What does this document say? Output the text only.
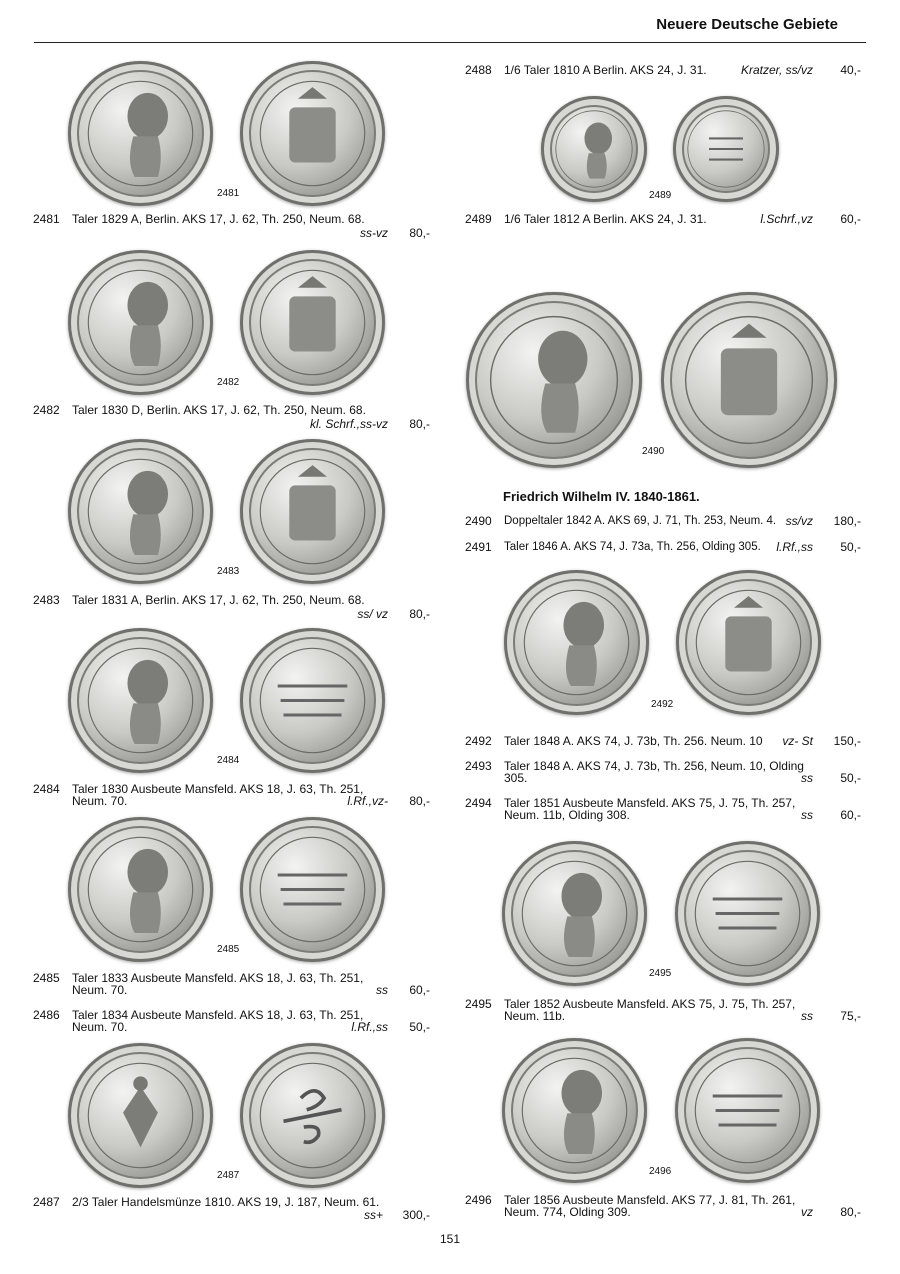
Neuere Deutsche Gebiete
2481
2482
2483
2484
2485
2487
2489
2490
2492
2495
2496
2481 Taler 1829 A, Berlin. AKS 17, J. 62, Th. 250, Neum. 68.
ss-vz	80,-
2482 Taler 1830 D, Berlin. AKS 17, J. 62, Th. 250, Neum. 68.
kl. Schrf.,ss-vz	80,-
2483 Taler 1831 A, Berlin. AKS 17, J. 62, Th. 250, Neum. 68.
ss/ vz	80,-
2484 Taler 1830 Ausbeute Mansfeld. AKS 18, J. 63, Th. 251,
Neum. 70.	l.Rf.,vz-	80,-
2485 Taler 1833 Ausbeute Mansfeld. AKS 18, J. 63, Th. 251,
Neum. 70.	ss	60,-
2486 Taler 1834 Ausbeute Mansfeld. AKS 18, J. 63, Th. 251,
Neum. 70.	l.Rf.,ss	50,-
2487 2/3 Taler Handelsmünze 1810. AKS 19, J. 187, Neum. 61.
ss+	300,-
2488 1/6 Taler 1810 A Berlin. AKS 24, J. 31.	Kratzer, ss/vz	40,-
2489 1/6 Taler 1812 A Berlin. AKS 24, J. 31.	l.Schrf.,vz	60,-
Friedrich Wilhelm IV. 1840-1861.
2490 Doppeltaler 1842 A. AKS 69, J. 71, Th. 253, Neum. 4. ss/vz	180,-
2491 Taler 1846 A. AKS 74, J. 73a, Th. 256, Olding 305. l.Rf.,ss	50,-
2492 Taler 1848 A. AKS 74, J. 73b, Th. 256. Neum. 10 vz- St	150,-
2493 Taler 1848 A. AKS 74, J. 73b, Th. 256, Neum. 10, Olding
305.	ss	50,-
2494 Taler 1851 Ausbeute Mansfeld. AKS 75, J. 75, Th. 257,
Neum. 11b, Olding 308.	ss	60,-
2495 Taler 1852 Ausbeute Mansfeld. AKS 75, J. 75, Th. 257,
Neum. 11b.	ss	75,-
2496 Taler 1856 Ausbeute Mansfeld. AKS 77, J. 81, Th. 261,
Neum. 774, Olding 309.	vz	80,-
151
